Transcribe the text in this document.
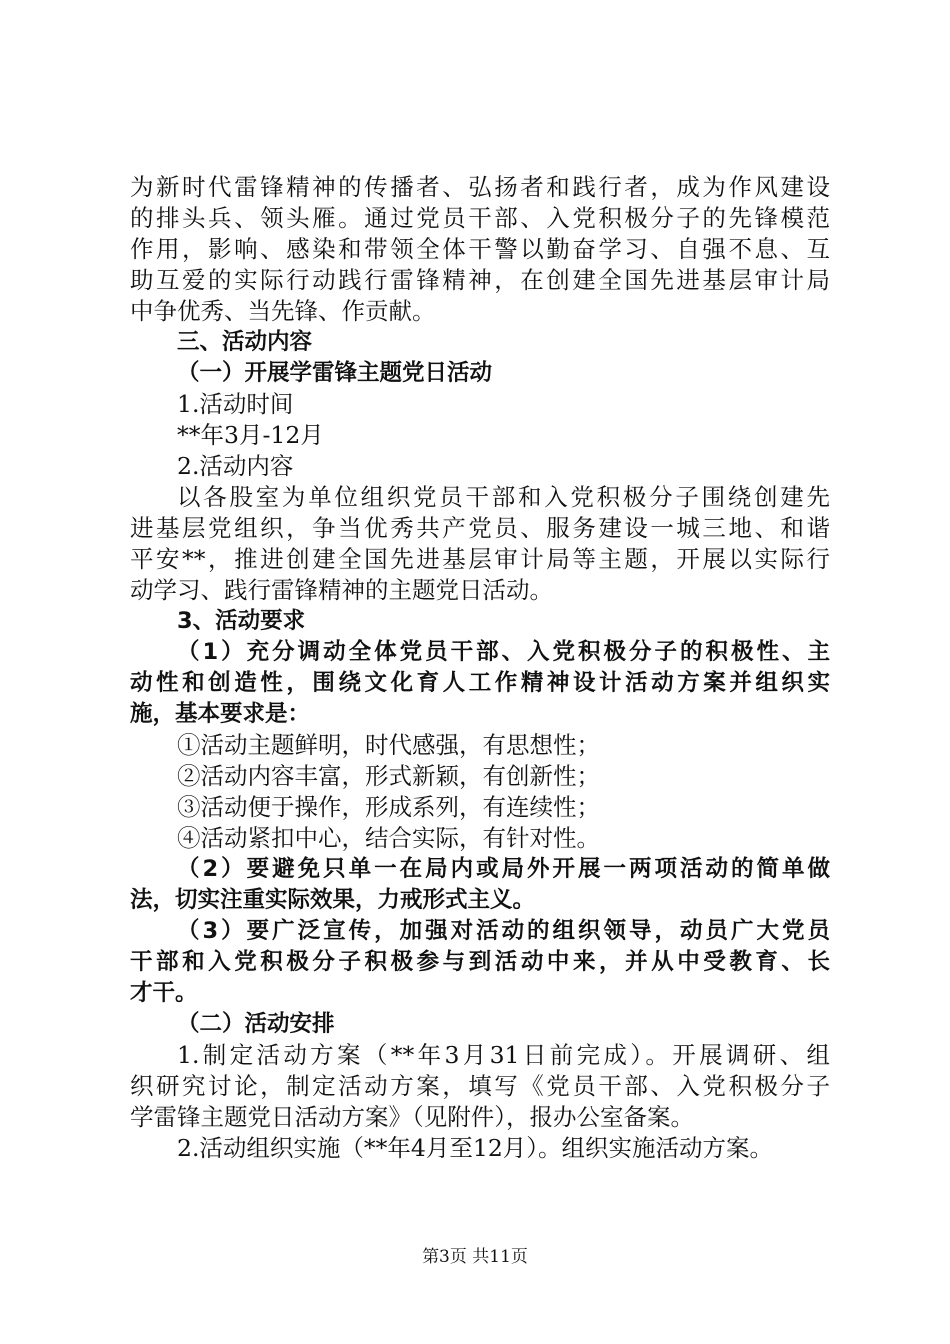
为新时代雷锋精神的传播者、弘扬者和践行者，成为作风建设
的排头兵、领头雁。通过党员干部、入党积极分子的先锋模范
作用，影响、感染和带领全体干警以勤奋学习、自强不息、互
助互爱的实际行动践行雷锋精神，在创建全国先进基层审计局
中争优秀、当先锋、作贡献。
三、活动内容
（一）开展学雷锋主题党日活动
1.活动时间
**年3月-12月
2.活动内容
以各股室为单位组织党员干部和入党积极分子围绕创建先
进基层党组织，争当优秀共产党员、服务建设一城三地、和谐
平安**，推进创建全国先进基层审计局等主题，开展以实际行
动学习、践行雷锋精神的主题党日活动。
3、活动要求
（1）充分调动全体党员干部、入党积极分子的积极性、主
动性和创造性，围绕文化育人工作精神设计活动方案并组织实
施，基本要求是：
①活动主题鲜明，时代感强，有思想性；
②活动内容丰富，形式新颖，有创新性；
③活动便于操作，形成系列，有连续性；
④活动紧扣中心，结合实际，有针对性。
（2）要避免只单一在局内或局外开展一两项活动的简单做
法，切实注重实际效果，力戒形式主义。
（3）要广泛宣传，加强对活动的组织领导，动员广大党员
干部和入党积极分子积极参与到活动中来，并从中受教育、长
才干。
（二）活动安排
1.制定活动方案（**年3月31日前完成）。开展调研、组
织研究讨论，制定活动方案，填写《党员干部、入党积极分子
学雷锋主题党日活动方案》（见附件），报办公室备案。
2.活动组织实施（**年4月至12月）。组织实施活动方案。
第3页 共11页
